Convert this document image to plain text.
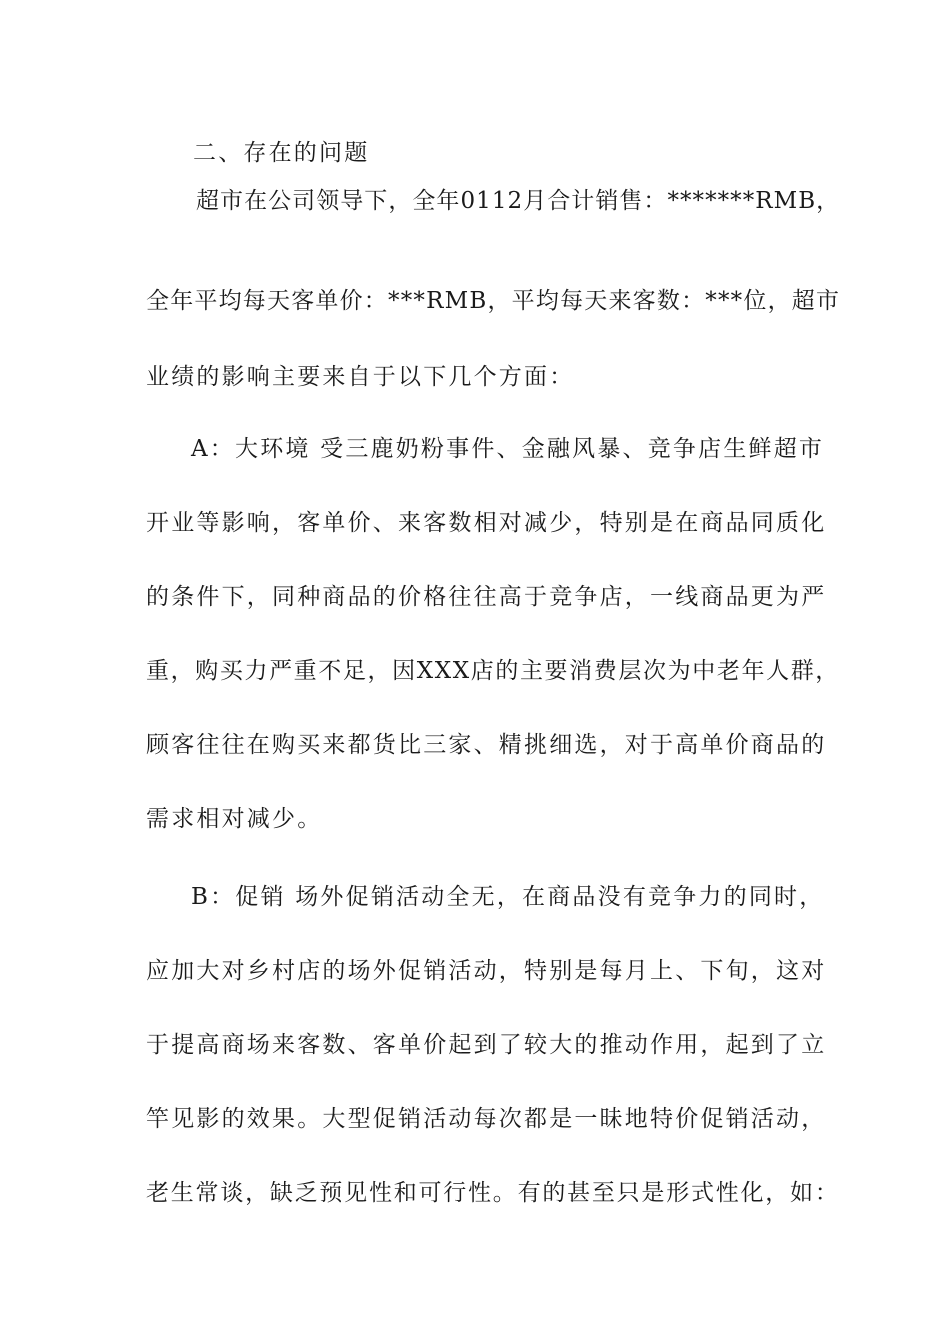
二、存在的问题
超市在公司领导下，全年0112月合计销售：*******RMB，
全年平均每天客单价：***RMB，平均每天来客数：***位，超市
业绩的影响主要来自于以下几个方面：
A：大环境 受三鹿奶粉事件、金融风暴、竞争店生鲜超市
开业等影响，客单价、来客数相对减少，特别是在商品同质化
的条件下，同种商品的价格往往高于竞争店，一线商品更为严
重，购买力严重不足，因XXX店的主要消费层次为中老年人群，
顾客往往在购买来都货比三家、精挑细选，对于高单价商品的
需求相对减少。
B：促销 场外促销活动全无，在商品没有竞争力的同时，
应加大对乡村店的场外促销活动，特别是每月上、下旬，这对
于提高商场来客数、客单价起到了较大的推动作用，起到了立
竿见影的效果。大型促销活动每次都是一昧地特价促销活动，
老生常谈，缺乏预见性和可行性。有的甚至只是形式性化，如：
